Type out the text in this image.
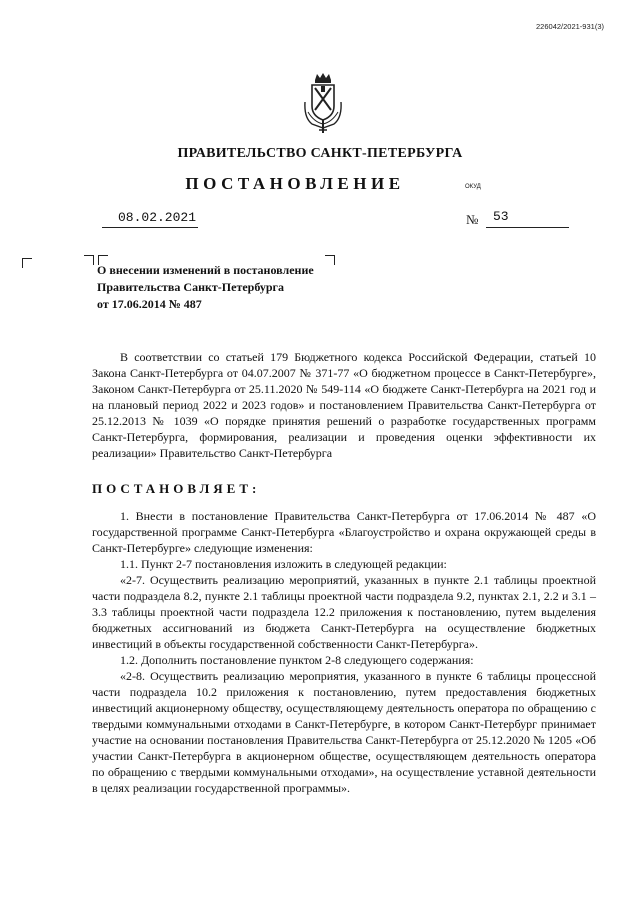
226042/2021-931(3)
ПРАВИТЕЛЬСТВО САНКТ-ПЕТЕРБУРГА
ПОСТАНОВЛЕНИЕ	ОКУД
08.02.2021	№ 53
О внесении изменений в постановление
Правительства Санкт-Петербурга
от 17.06.2014 № 487
В соответствии со статьей 179 Бюджетного кодекса Российской Федерации, статьей 10 Закона Санкт-Петербурга от 04.07.2007 № 371-77 «О бюджетном процессе в Санкт-Петербурге», Законом Санкт-Петербурга от 25.11.2020 № 549-114 «О бюджете Санкт-Петербурга на 2021 год и на плановый период 2022 и 2023 годов» и постановлением Правительства Санкт-Петербурга от 25.12.2013 № 1039 «О порядке принятия решений о разработке государственных программ Санкт-Петербурга, формирования, реализации и проведения оценки эффективности их реализации» Правительство Санкт-Петербурга
ПОСТАНОВЛЯЕТ:

1. Внести в постановление Правительства Санкт-Петербурга от 17.06.2014 № 487 «О государственной программе Санкт-Петербурга «Благоустройство и охрана окружающей среды в Санкт-Петербурге» следующие изменения:

1.1. Пункт 2-7 постановления изложить в следующей редакции:

«2-7. Осуществить реализацию мероприятий, указанных в пункте 2.1 таблицы проектной части подраздела 8.2, пункте 2.1 таблицы проектной части подраздела 9.2, пунктах 2.1, 2.2 и 3.1 – 3.3 таблицы проектной части подраздела 12.2 приложения к постановлению, путем выделения бюджетных ассигнований из бюджета Санкт-Петербурга на осуществление бюджетных инвестиций в объекты государственной собственности Санкт-Петербурга».

1.2. Дополнить постановление пунктом 2-8 следующего содержания:

«2-8. Осуществить реализацию мероприятия, указанного в пункте 6 таблицы процессной части подраздела 10.2 приложения к постановлению, путем предоставления бюджетных инвестиций акционерному обществу, осуществляющему деятельность оператора по обращению с твердыми коммунальными отходами в Санкт-Петербурге, в котором Санкт-Петербург принимает участие на основании постановления Правительства Санкт-Петербурга от 25.12.2020 № 1205 «Об участии Санкт-Петербурга в акционерном обществе, осуществляющем деятельность оператора по обращению с твердыми коммунальными отходами», на осуществление уставной деятельности в целях реализации государственной программы».
